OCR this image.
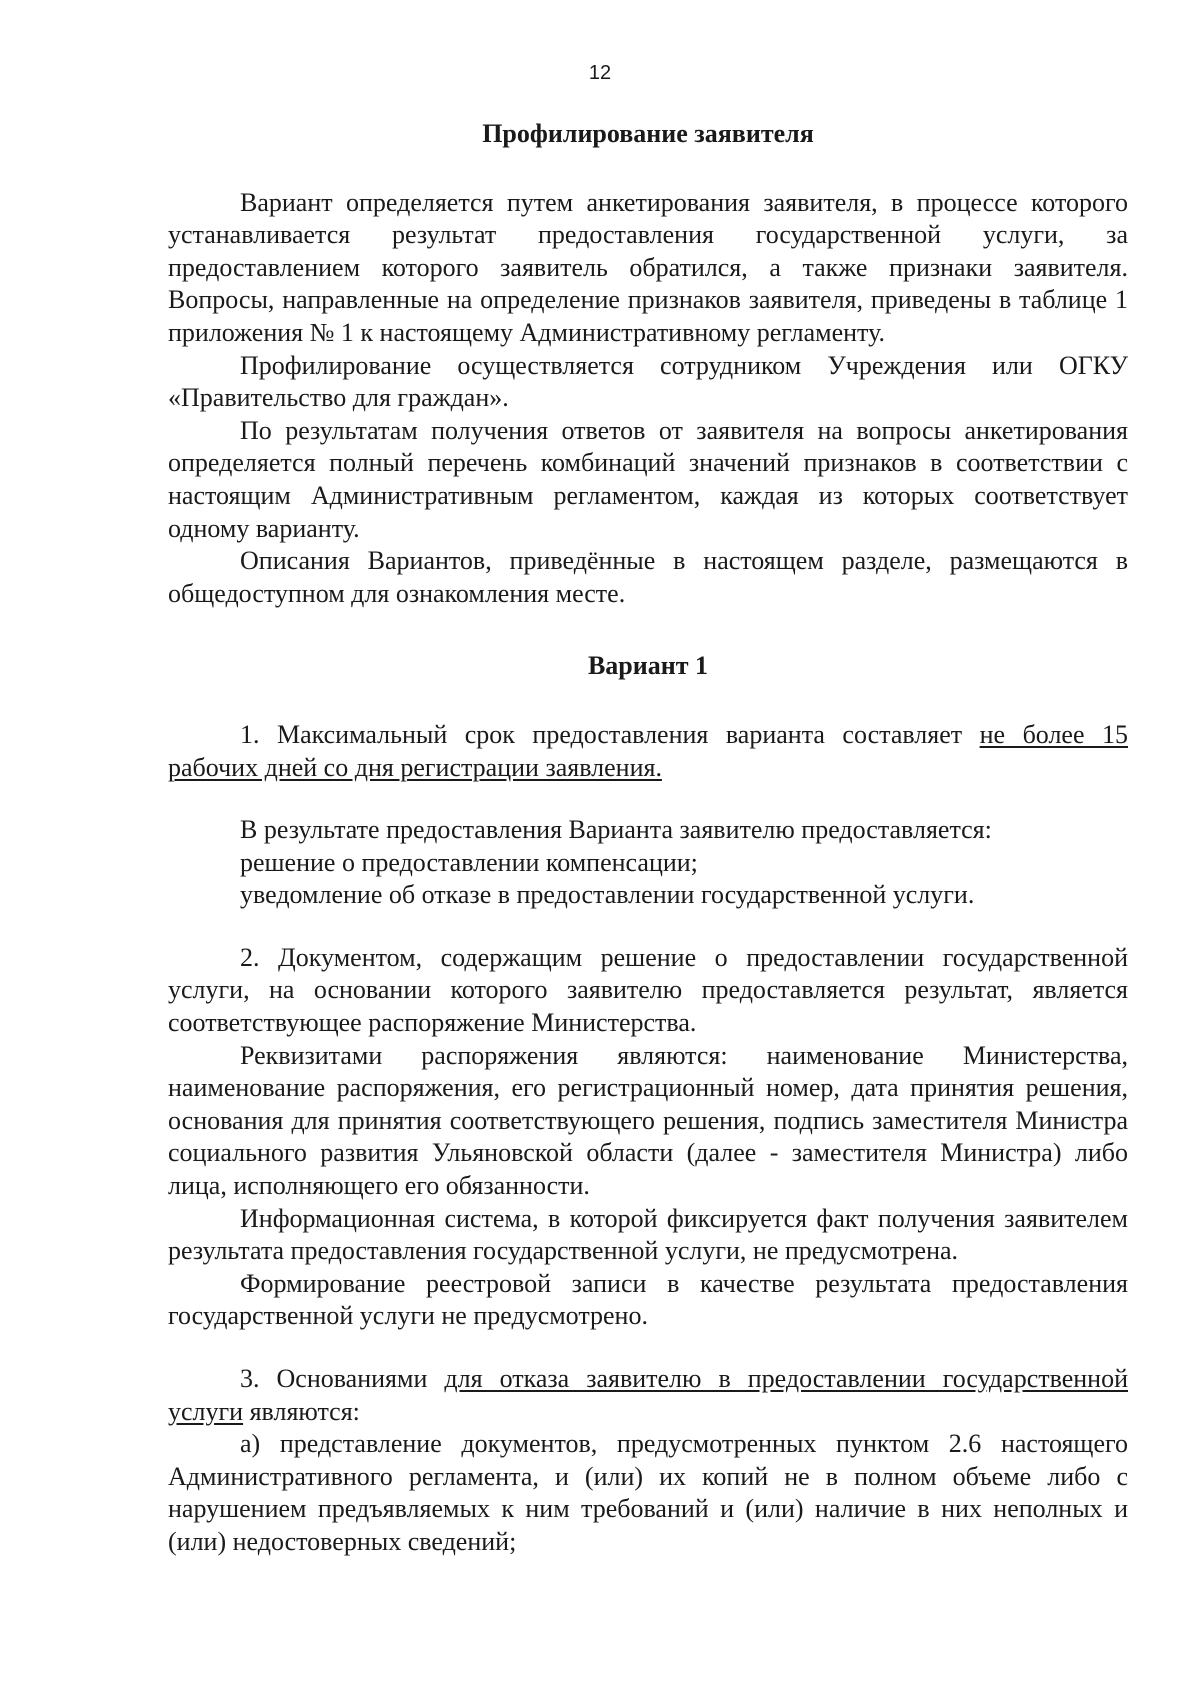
12
Профилирование заявителя

Вариант определяется путем анкетирования заявителя, в процессе которого устанавливается результат предоставления государственной услуги, за предоставлением которого заявитель обратился, а также признаки заявителя. Вопросы, направленные на определение признаков заявителя, приведены в таблице 1 приложения № 1 к настоящему Административному регламенту.

Профилирование осуществляется сотрудником Учреждения или ОГКУ «Правительство для граждан».

По результатам получения ответов от заявителя на вопросы анкетирования определяется полный перечень комбинаций значений признаков в соответствии с настоящим Административным регламентом, каждая из которых соответствует одному варианту.

Описания Вариантов, приведённые в настоящем разделе, размещаются в общедоступном для ознакомления месте.

Вариант 1

1. Максимальный срок предоставления варианта составляет не более 15 рабочих дней со дня регистрации заявления.

В результате предоставления Варианта заявителю предоставляется:

решение о предоставлении компенсации;

уведомление об отказе в предоставлении государственной услуги.

2. Документом, содержащим решение о предоставлении государственной услуги, на основании которого заявителю предоставляется результат, является соответствующее распоряжение Министерства.

Реквизитами распоряжения являются: наименование Министерства, наименование распоряжения, его регистрационный номер, дата принятия решения, основания для принятия соответствующего решения, подпись заместителя Министра социального развития Ульяновской области (далее - заместителя Министра) либо лица, исполняющего его обязанности.

Информационная система, в которой фиксируется факт получения заявителем результата предоставления государственной услуги, не предусмотрена.

Формирование реестровой записи в качестве результата предоставления государственной услуги не предусмотрено.

3. Основаниями для отказа заявителю в предоставлении государственной услуги являются:

а) представление документов, предусмотренных пунктом 2.6 настоящего Административного регламента, и (или) их копий не в полном объеме либо с нарушением предъявляемых к ним требований и (или) наличие в них неполных и (или) недостоверных сведений;
